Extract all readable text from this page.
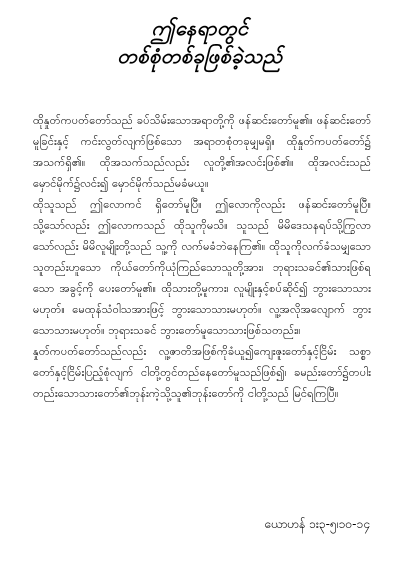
ဤနေရာတွင်
တစ်စုံတစ်ခုဖြစ်ခဲ့သည်

ထိုနှုတ်ကပတ်တော်သည် ခပ်သိမ်းသောအရာတို့ကို ဖန်ဆင်းတော်မူ၏။ ဖန်ဆင်းတော်မူခြင်းနှင့် ကင်းလွတ်လျက်ဖြစ်သော အရာတစုံတခုမျှမရှိ။ ထိုနှုတ်ကပတ်တော်၌ အသက်ရှိ၏။ ထိုအသက်သည်လည်း လူတို့၏အလင်းဖြစ်၏။ ထိုအလင်းသည် မှောင်မိုက်၌လင်း၍ မှောင်မိုက်သည်မခံမယူ။

ထိုသူသည် ဤလောကၚ် ရှိတော်မူပြီ။ ဤလောကိုလည်း ဖန်ဆင်းတော်မူပြီ။ သို့သော်လည်း ဤလောကသည် ထိုသူကိုမသိ။ သူသည် မိမိဒေသနရပ်သို့ကြွလာသော်လည်း မိမိလူမျိုးတို့သည် သူ့ကို လက်မခံဘဲနေကြ၏။ ထိုသူကိုလက်ခံသမျှသောသူတည်းဟူသော ကိုယ်တော်ကိုယုံကြည်သောသူတို့အား၊ ဘုရားသခင်၏သားဖြစ်ရသော အခွင့်ကို ပေးတော်မူ၏။ ထိုသားတို့မူကား၊ လူမျိုးနှင့်စပ်ဆိုင်၍ ဘွားသောသားမဟုတ်။ မေထုန်သံဝါသအားဖြင့် ဘွားသောသားမဟုတ်။ လူ့အလိုအလျောက် ဘွားသောသားမဟုတ်။ ဘုရားသခင် ဘွားတော်မူသောသားဖြစ်သတည်း။

နှုတ်ကပတ်တော်သည်လည်း လူ့ဇာတိအဖြစ်ကိုခံယူ၍ကျေးဇူးတော်နှင့်ငြိမ်း သစ္စာတော်နှင့်ငြိမ်းပြည့်စုံလျက် ငါတို့တွင်တည်နေတော်မူသည်ဖြစ်၍၊ ခမည်းတော်၌တပါးတည်းသောသားတော်၏ဘုန်းကဲ့သို့သူ၏ဘုန်းတော်ကို ငါတို့သည် မြင်ရကြပြီ။

ယောဟန် ၁း၃-၅၊၁၀-၁၄
